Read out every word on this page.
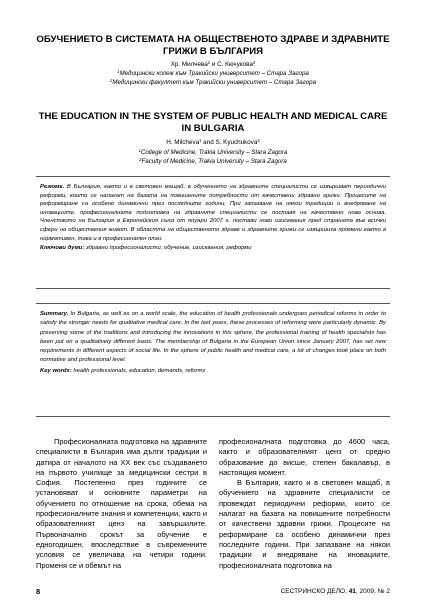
ОБУЧЕНИЕТО В СИСТЕМАТА НА ОБЩЕСТВЕНОТО ЗДРАВЕ И ЗДРАВНИТЕ ГРИЖИ В БЪЛГАРИЯ
Хр. Милчева$^1$ и С. Кючукова$^2$
$^1$Медицински колеж към Тракийски университет – Стара Загора
$^2$Медицински факултет към Тракийски университет – Стара Загора
THE EDUCATION IN THE SYSTEM OF PUBLIC HEALTH AND MEDICAL CARE IN BULGARIA
H. Milcheva$^1$ and S. Kyuchukova$^2$
$^1$College of Medicine, Trakia University – Stara Zagora
$^2$Faculty of Medicine, Trakia University – Stara Zagora
Резюме. В България, както и в световен мащаб, в обучението на здравните специалисти се извършват периодични реформи, които се налагат на базата на повишените потребности от качествени здравни грижи. Процесите на реформиране са особено динамични през последните години. При запазване на някои традиции и внедряване на иновациите, професионалната подготовка на здравните специалисти се поставя на качествено нова основа. Членството на България в Европейския съюз от януари 2007 г. постави нови изисквания пред страната във всички сфери на обществения живот. В областта на общественото здраве и здравните грижи се извършиха промени както в нормативен, така и в професионален план.
Ключови думи: здравни професионалисти, обучение, изисквания, реформи
Summary. In Bulgaria, as well as on a world scale, the education of health professionals undergoes periodical reforms in order to satisfy the stronger needs for qualitative medical care. In the last years, these processes of reforming were particularly dynamic. By preserving some of the traditions and introducing the innovations in this sphere, the professional training of health specialists has been put on a qualitatively different basis. The membership of Bulgaria in the European Union since January 2007, has set new requirements in different aspects of social life. In the sphere of public health and medical care, a lot of changes took place on both normative and professional level.
Key words: health professionals, education, demands, reforms

Професионалната подготовка на здравните специалисти в България има дълги традиции и датира от началото на ХХ век със създаването на първото училище за медицински сестри в София. Постепенно през годините се установяват и основните параметри на обучението по отношение на срока, обема на професионалните знания и компетенции, както и образователният ценз на завършилите. Първоначално срокът за обучение е едногодишен, впоследствие в съвременните условия се увеличава на четири години. Променя се и обемът на

професионалната подготовка до 4600 часа, както и образователният ценз от средно образование до висше, степен бакалавър, в настоящия момент.

В България, както и в световен мащаб, в обучението на здравните специалисти се провеждат периодични реформи, които се налагат на базата на повишените потребности от качествени здравни грижи. Процесите на реформиране са особено динамични през последните години. При запазване на някои традиции и внедряване на иновациите, професионалната подготовка на

8	СЕСТРИНСКО ДЕЛО, 41, 2009, № 2
